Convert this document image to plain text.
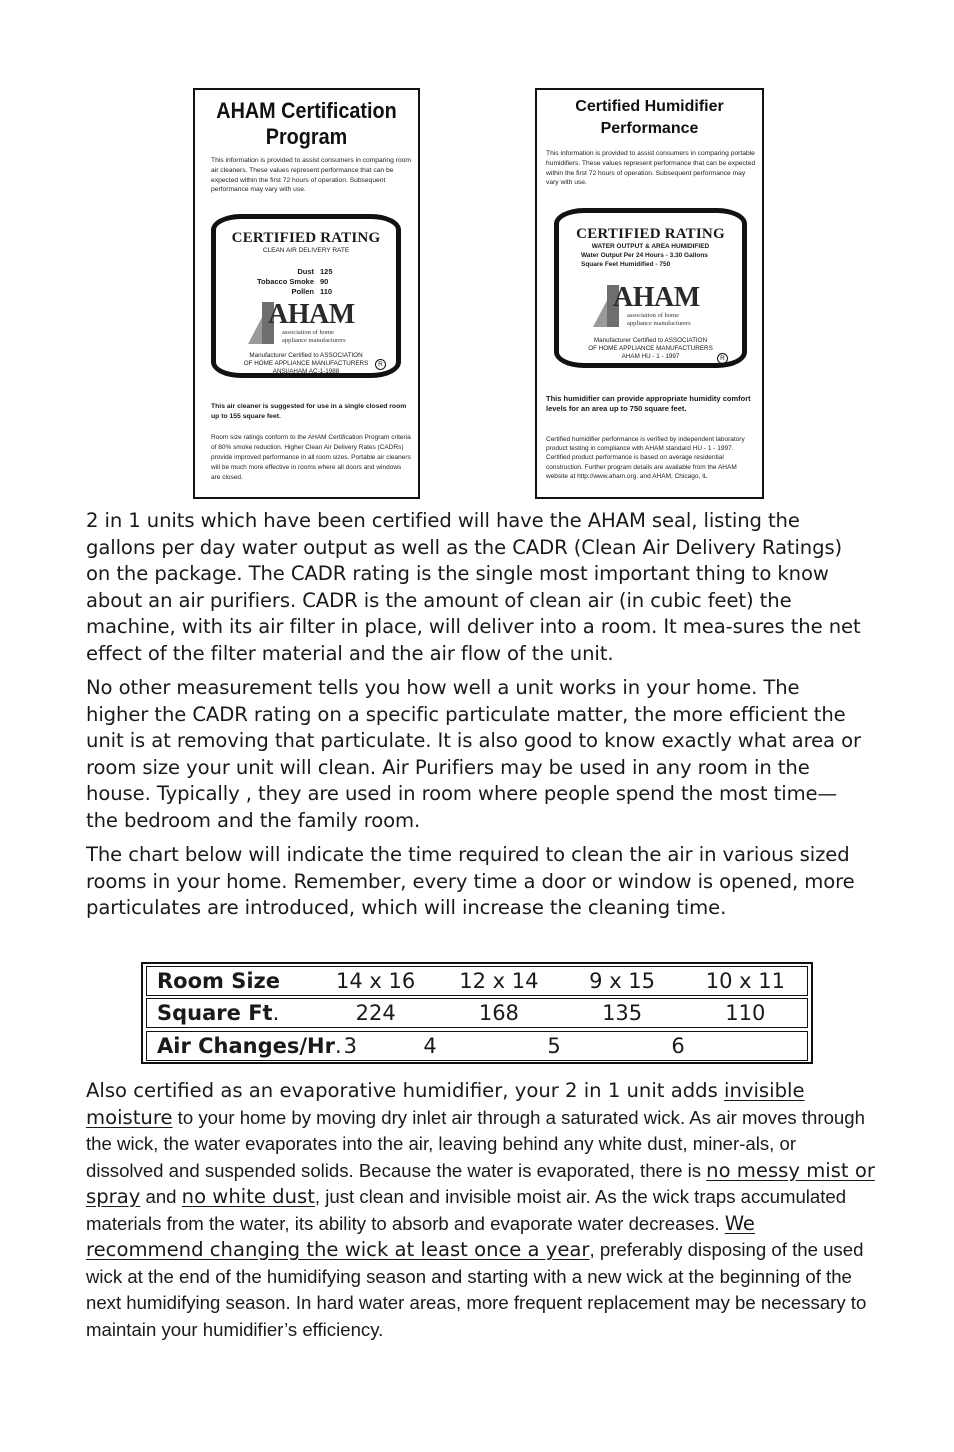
AHAM Certification
Program

This information is provided to assist consumers in comparing room air cleaners. These values represent performance that can be expected within the first 72 hours of operation. Subsequent performance may vary with use.

CERTIFIED RATING

CLEAN AIR DELIVERY RATE

Dust 125
Tobacco Smoke 90
Pollen 110
AHAM
association of home
appliance manufacturers
Manufacturer Certified to ASSOCIATION
OF HOME APPLIANCE MANUFACTURERS
ANSI/AHAM AC-1-1988
R

This air cleaner is suggested for use in a single closed room up to 155 square feet.

Room size ratings conform to the AHAM Certification Program criteria of 80% smoke reduction. Higher Clean Air Delivery Rates (CADRs) provide improved performance in all room sizes. Portable air cleaners will be much more effective in rooms where all doors and windows are closed.

Certified Humidifier
Performance

This information is provided to assist consumers in comparing portable humidifiers. These values represent performance that can be expected within the first 72 hours of operation. Subsequent performance may vary with use.

CERTIFIED RATING

WATER OUTPUT & AREA HUMIDIFIED

Water Output Per 24 Hours - 3.30 Gallons
Square Feet Humidified - 750
AHAM
association of home
appliance manufacturers
Manufacturer Certified to ASSOCIATION
OF HOME APPLIANCE MANUFACTURERS
AHAM HU - 1 - 1997	R

This humidifier can provide appropriate humidity comfort levels for an area up to 750 square feet.

Certified humidifier performance is verified by independent laboratory product testing in compliance with AHAM standard HU - 1 - 1997. Certified product performance is based on average residential construction. Further program details are available from the AHAM website at http://www.aham.org. and AHAM, Chicago, IL

2 in 1 units which have been certified will have the AHAM seal, listing the gallons per day water output as well as the CADR (Clean Air Delivery Ratings) on the package. The CADR rating is the single most important thing to know about an air purifiers. CADR is the amount of clean air (in cubic feet) the machine, with its air filter in place, will deliver into a room. It mea-sures the net effect of the filter material and the air flow of the unit.

No other measurement tells you how well a unit works in your home. The higher the CADR rating on a specific particulate matter, the more efficient the unit is at removing that particulate. It is also good to know exactly what area or room size your unit will clean. Air Purifiers may be used in any room in the house. Typically , they are used in room where people spend the most time—the bedroom and the family room.

The chart below will indicate the time required to clean the air in various sized rooms in your home. Remember, every time a door or window is opened, more particulates are introduced, which will increase the cleaning time.

Room Size	14 x 16	12 x 14	9 x 15	10 x 11
Square Ft.	224	168	135	110
Air Changes/Hr.3	4	5	6

Also certified as an evaporative humidifier, your 2 in 1 unit adds invisible moisture to your home by moving dry inlet air through a saturated wick. As air moves through the wick, the water evaporates into the air, leaving behind any white dust, miner-als, or dissolved and suspended solids. Because the water is evaporated, there is no messy mist or spray and no white dust, just clean and invisible moist air. As the wick traps accumulated materials from the water, its ability to absorb and evaporate water decreases. We recommend changing the wick at least once a year, preferably disposing of the used wick at the end of the humidifying season and starting with a new wick at the beginning of the next humidifying season. In hard water areas, more frequent replacement may be necessary to maintain your humidifier’s efficiency.
